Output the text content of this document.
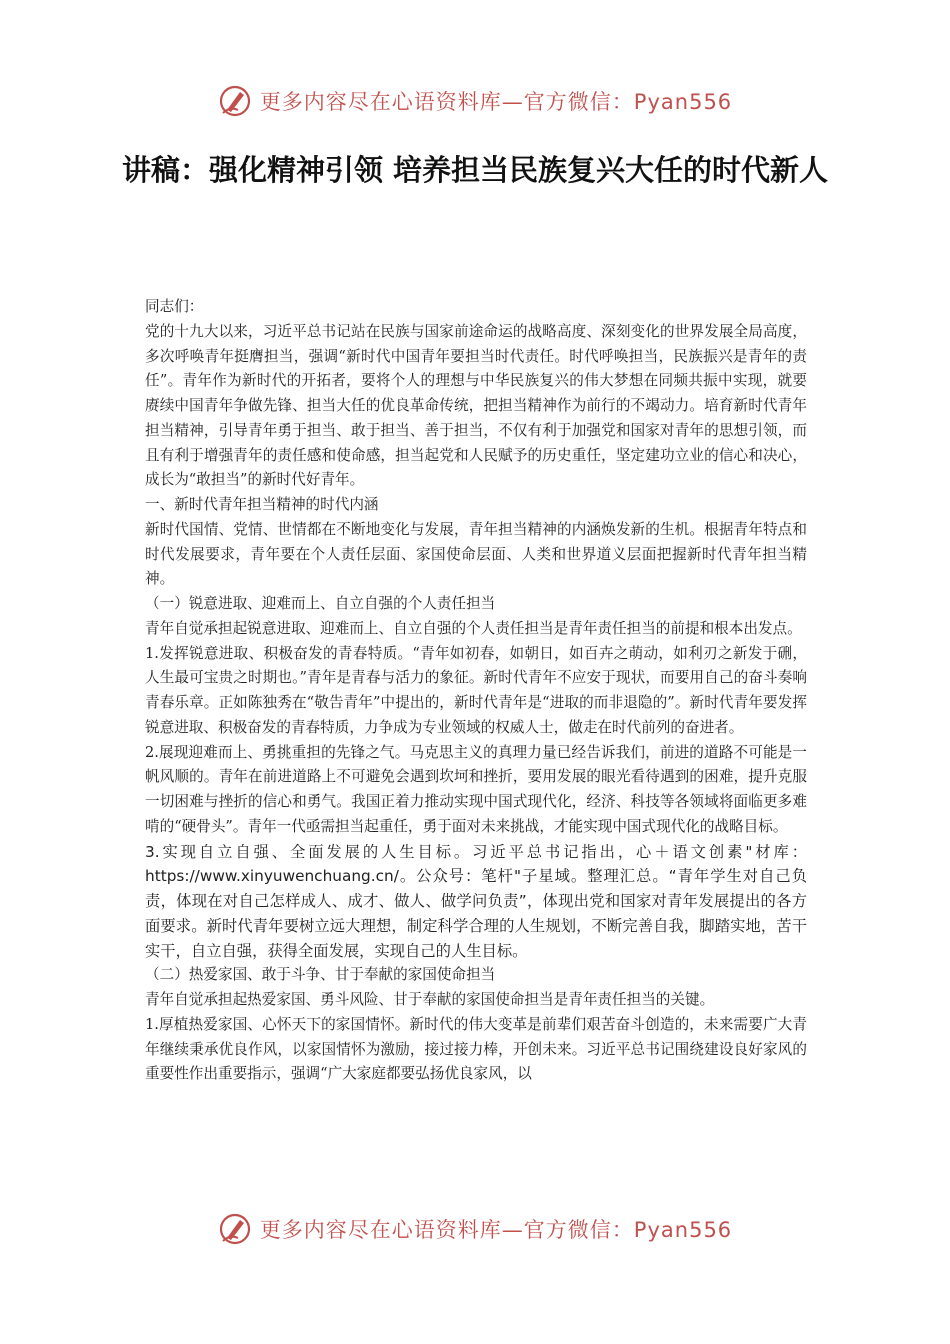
更多内容尽在心语资料库—官方微信：Pyan556
讲稿：强化精神引领 培养担当民族复兴大任的时代新人

同志们：

党的十九大以来，习近平总书记站在民族与国家前途命运的战略高度、深刻变化的世界发展全局高度，多次呼唤青年挺膺担当，强调“新时代中国青年要担当时代责任。时代呼唤担当，民族振兴是青年的责任”。青年作为新时代的开拓者，要将个人的理想与中华民族复兴的伟大梦想在同频共振中实现，就要赓续中国青年争做先锋、担当大任的优良革命传统，把担当精神作为前行的不竭动力。培育新时代青年担当精神，引导青年勇于担当、敢于担当、善于担当，不仅有利于加强党和国家对青年的思想引领，而且有利于增强青年的责任感和使命感，担当起党和人民赋予的历史重任，坚定建功立业的信心和决心，成长为“敢担当”的新时代好青年。

一、新时代青年担当精神的时代内涵

新时代国情、党情、世情都在不断地变化与发展，青年担当精神的内涵焕发新的生机。根据青年特点和时代发展要求，青年要在个人责任层面、家国使命层面、人类和世界道义层面把握新时代青年担当精神。

（一）锐意进取、迎难而上、自立自强的个人责任担当

青年自觉承担起锐意进取、迎难而上、自立自强的个人责任担当是青年责任担当的前提和根本出发点。

1.发挥锐意进取、积极奋发的青春特质。“青年如初春，如朝日，如百卉之萌动，如利刃之新发于硎，人生最可宝贵之时期也。”青年是青春与活力的象征。新时代青年不应安于现状，而要用自己的奋斗奏响青春乐章。正如陈独秀在“敬告青年”中提出的，新时代青年是“进取的而非退隐的”。新时代青年要发挥锐意进取、积极奋发的青春特质，力争成为专业领域的权威人士，做走在时代前列的奋进者。

2.展现迎难而上、勇挑重担的先锋之气。马克思主义的真理力量已经告诉我们，前进的道路不可能是一帆风顺的。青年在前进道路上不可避免会遇到坎坷和挫折，要用发展的眼光看待遇到的困难，提升克服一切困难与挫折的信心和勇气。我国正着力推动实现中国式现代化，经济、科技等各领域将面临更多难啃的“硬骨头”。青年一代亟需担当起重任，勇于面对未来挑战，才能实现中国式现代化的战略目标。

3.实现自立自强、全面发展的人生目标。习近平总书记指出，心＋语文创素"材库：https://www.xinyuwenchuang.cn/。公众号：笔杆"子星域。整理汇总。“青年学生对自己负责，体现在对自己怎样成人、成才、做人、做学问负责”，体现出党和国家对青年发展提出的各方面要求。新时代青年要树立远大理想，制定科学合理的人生规划，不断完善自我，脚踏实地，苦干实干，自立自强，获得全面发展，实现自己的人生目标。

（二）热爱家国、敢于斗争、甘于奉献的家国使命担当

青年自觉承担起热爱家国、勇斗风险、甘于奉献的家国使命担当是青年责任担当的关键。

1.厚植热爱家国、心怀天下的家国情怀。新时代的伟大变革是前辈们艰苦奋斗创造的，未来需要广大青年继续秉承优良作风，以家国情怀为激励，接过接力棒，开创未来。习近平总书记围绕建设良好家风的重要性作出重要指示，强调“广大家庭都要弘扬优良家风，以

更多内容尽在心语资料库—官方微信：Pyan556
